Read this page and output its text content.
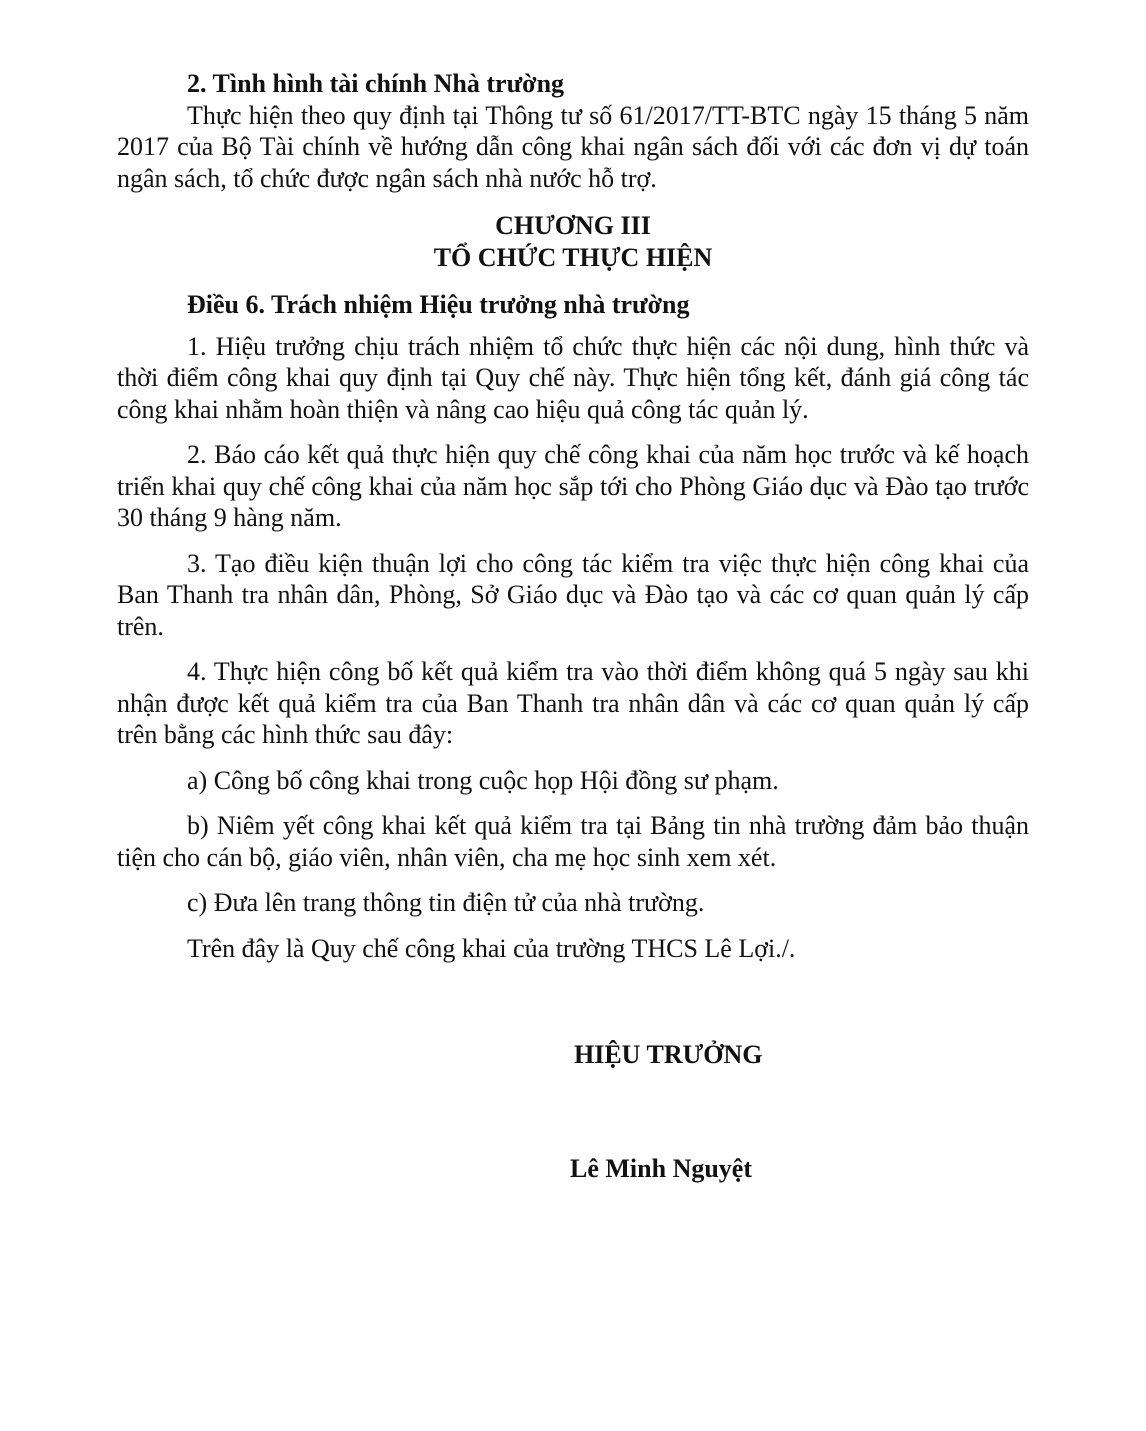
2. Tình hình tài chính Nhà trường

Thực hiện theo quy định tại Thông tư số 61/2017/TT-BTC ngày 15 tháng 5 năm 2017 của Bộ Tài chính về hướng dẫn công khai ngân sách đối với các đơn vị dự toán ngân sách, tổ chức được ngân sách nhà nước hỗ trợ.

CHƯƠNG III

TỔ CHỨC THỰC HIỆN

Điều 6. Trách nhiệm Hiệu trưởng nhà trường

1. Hiệu trưởng chịu trách nhiệm tổ chức thực hiện các nội dung, hình thức và thời điểm công khai quy định tại Quy chế này. Thực hiện tổng kết, đánh giá công tác công khai nhằm hoàn thiện và nâng cao hiệu quả công tác quản lý.

2. Báo cáo kết quả thực hiện quy chế công khai của năm học trước và kế hoạch triển khai quy chế công khai của năm học sắp tới cho Phòng Giáo dục và Đào tạo trước 30 tháng 9 hàng năm.

3. Tạo điều kiện thuận lợi cho công tác kiểm tra việc thực hiện công khai của Ban Thanh tra nhân dân, Phòng, Sở Giáo dục và Đào tạo và các cơ quan quản lý cấp trên.

4. Thực hiện công bố kết quả kiểm tra vào thời điểm không quá 5 ngày sau khi nhận được kết quả kiểm tra của Ban Thanh tra nhân dân và các cơ quan quản lý cấp trên bằng các hình thức sau đây:

a) Công bố công khai trong cuộc họp Hội đồng sư phạm.

b) Niêm yết công khai kết quả kiểm tra tại Bảng tin nhà trường đảm bảo thuận tiện cho cán bộ, giáo viên, nhân viên, cha mẹ học sinh xem xét.

c) Đưa lên trang thông tin điện tử của nhà trường.

Trên đây là Quy chế công khai của trường THCS Lê Lợi./.

HIỆU TRƯỞNG
Lê Minh Nguyệt
